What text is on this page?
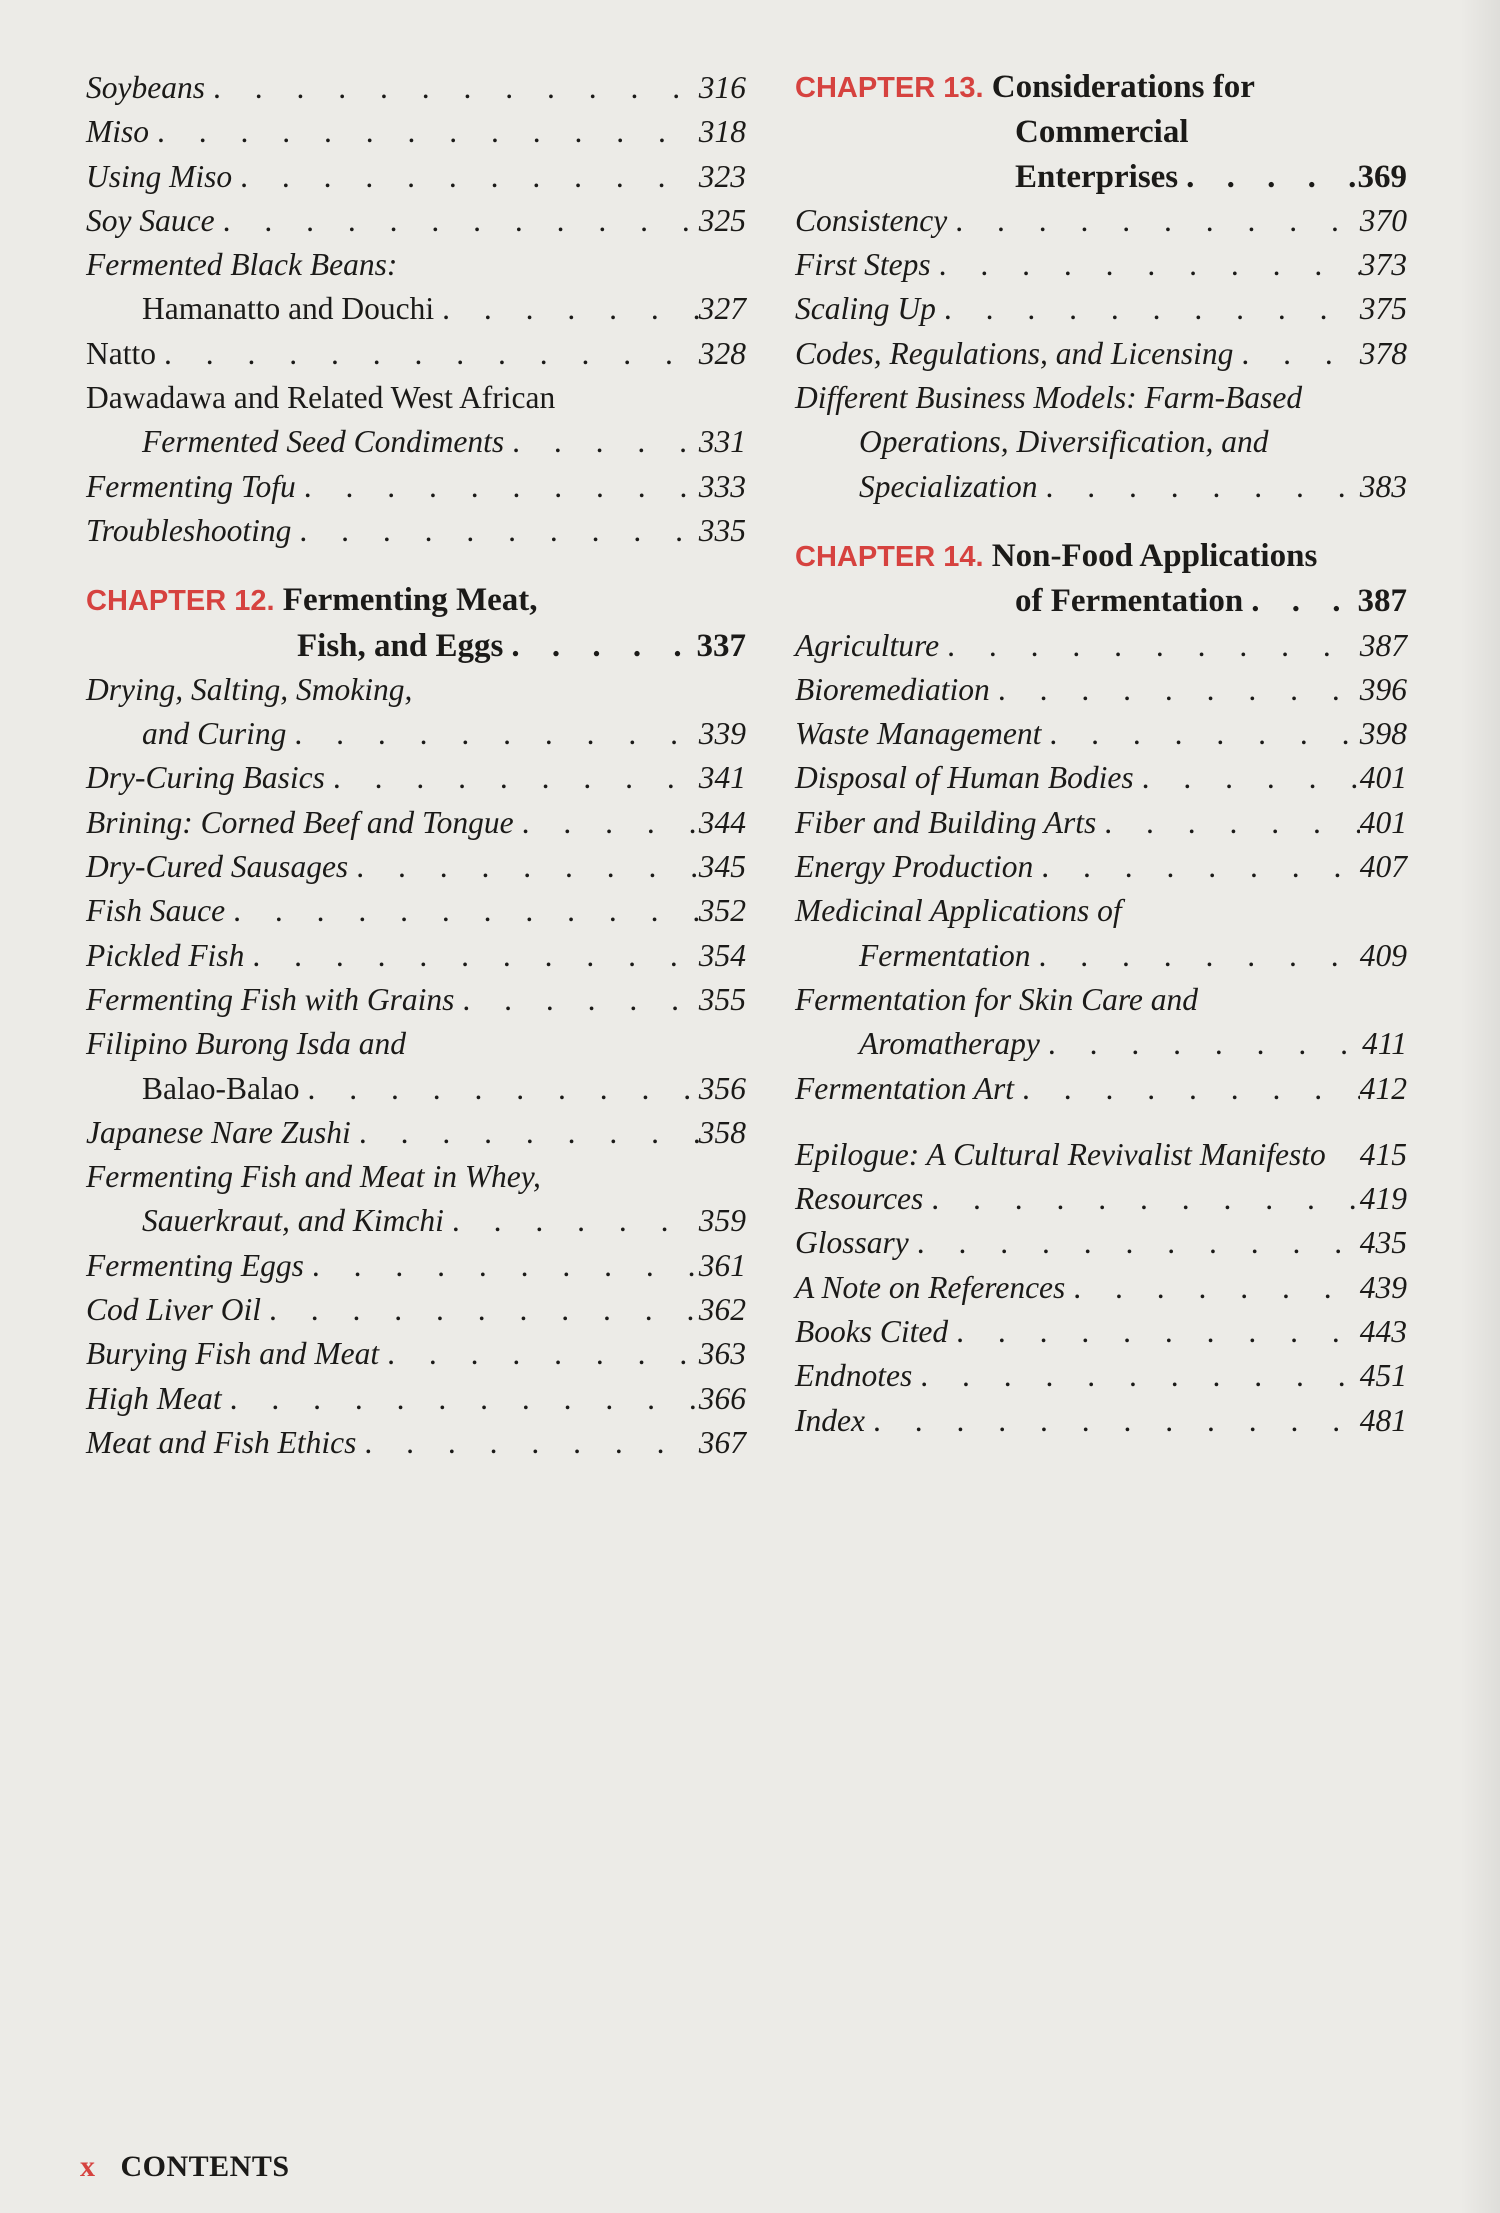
Soybeans . . .	316
Miso . . .	318
Using Miso . . .	323
Soy Sauce . . .	325
Fermented Black Beans:
Hamanatto and Douchi . . .	327
Natto . . .	328
Dawadawa and Related West African
Fermented Seed Condiments . . .	331
Fermenting Tofu . . .	333
Troubleshooting . . .	335
CHAPTER 12. Fermenting Meat,
Fish, and Eggs . . .	337
Drying, Salting, Smoking,
and Curing . . .	339
Dry-Curing Basics . . .	341
Brining: Corned Beef and Tongue . . .	344
Dry-Cured Sausages . . .	345
Fish Sauce . . .	352
Pickled Fish . . .	354
Fermenting Fish with Grains . . .	355
Filipino Burong Isda and
Balao-Balao . . .	356
Japanese Nare Zushi . . .	358
Fermenting Fish and Meat in Whey,
Sauerkraut, and Kimchi . . .	359
Fermenting Eggs . . .	361
Cod Liver Oil . . .	362
Burying Fish and Meat . . .	363
High Meat . . .	366
Meat and Fish Ethics . . .	367
CHAPTER 13. Considerations for
Commercial
Enterprises . . .	369
Consistency . . .	370
First Steps . . .	373
Scaling Up . . .	375
Codes, Regulations, and Licensing . . .	378
Different Business Models: Farm-Based
Operations, Diversification, and
Specialization . . .	383
CHAPTER 14. Non-Food Applications
of Fermentation . . .	387
Agriculture . . .	387
Bioremediation . . .	396
Waste Management . . .	398
Disposal of Human Bodies . . .	401
Fiber and Building Arts . . .	401
Energy Production . . .	407
Medicinal Applications of
Fermentation . . .	409
Fermentation for Skin Care and
Aromatherapy . . .	411
Fermentation Art . . .	412
Epilogue: A Cultural Revivalist Manifesto 415
Resources . . .	419
Glossary . . .	435
A Note on References . . .	439
Books Cited . . .	443
Endnotes . . .	451
Index . . .	481
x CONTENTS
